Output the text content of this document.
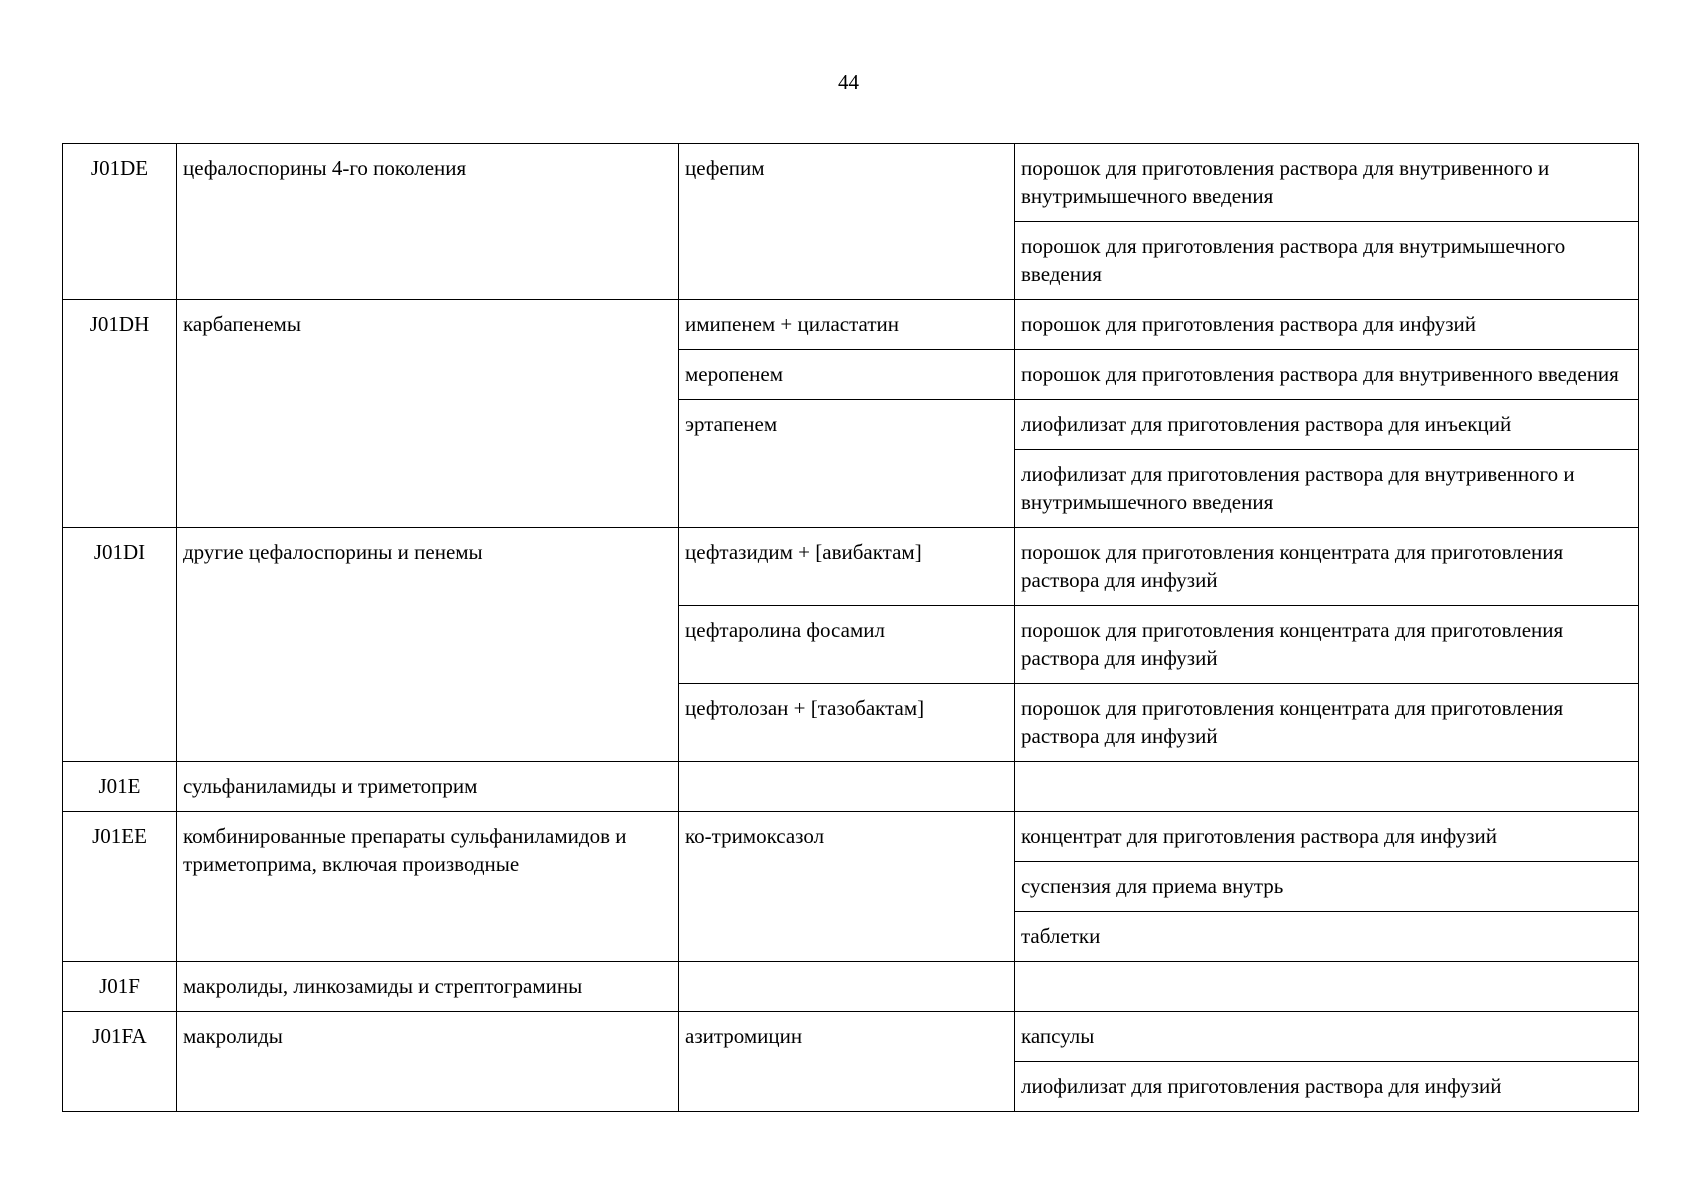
44
J01DE	цефалоспорины 4-го поколения	цефепим	порошок для приготовления раствора для внутривенного и внутримышечного введения
			порошок для приготовления раствора для внутримышечного введения
J01DH	карбапенемы	имипенем + циластатин	порошок для приготовления раствора для инфузий
		меропенем	порошок для приготовления раствора для внутривенного введения
		эртапенем	лиофилизат для приготовления раствора для инъекций
			лиофилизат для приготовления раствора для внутривенного и внутримышечного введения
J01DI	другие цефалоспорины и пенемы	цефтазидим + [авибактам]	порошок для приготовления концентрата для приготовления раствора для инфузий
		цефтаролина фосамил	порошок для приготовления концентрата для приготовления раствора для инфузий
		цефтолозан + [тазобактам]	порошок для приготовления концентрата для приготовления раствора для инфузий
J01E	сульфаниламиды и триметоприм		
J01EE	комбинированные препараты сульфаниламидов и триметоприма, включая производные	ко-тримоксазол	концентрат для приготовления раствора для инфузий
			суспензия для приема внутрь
			таблетки
J01F	макролиды, линкозамиды и стрептограмины		
J01FA	макролиды	азитромицин	капсулы
			лиофилизат для приготовления раствора для инфузий
